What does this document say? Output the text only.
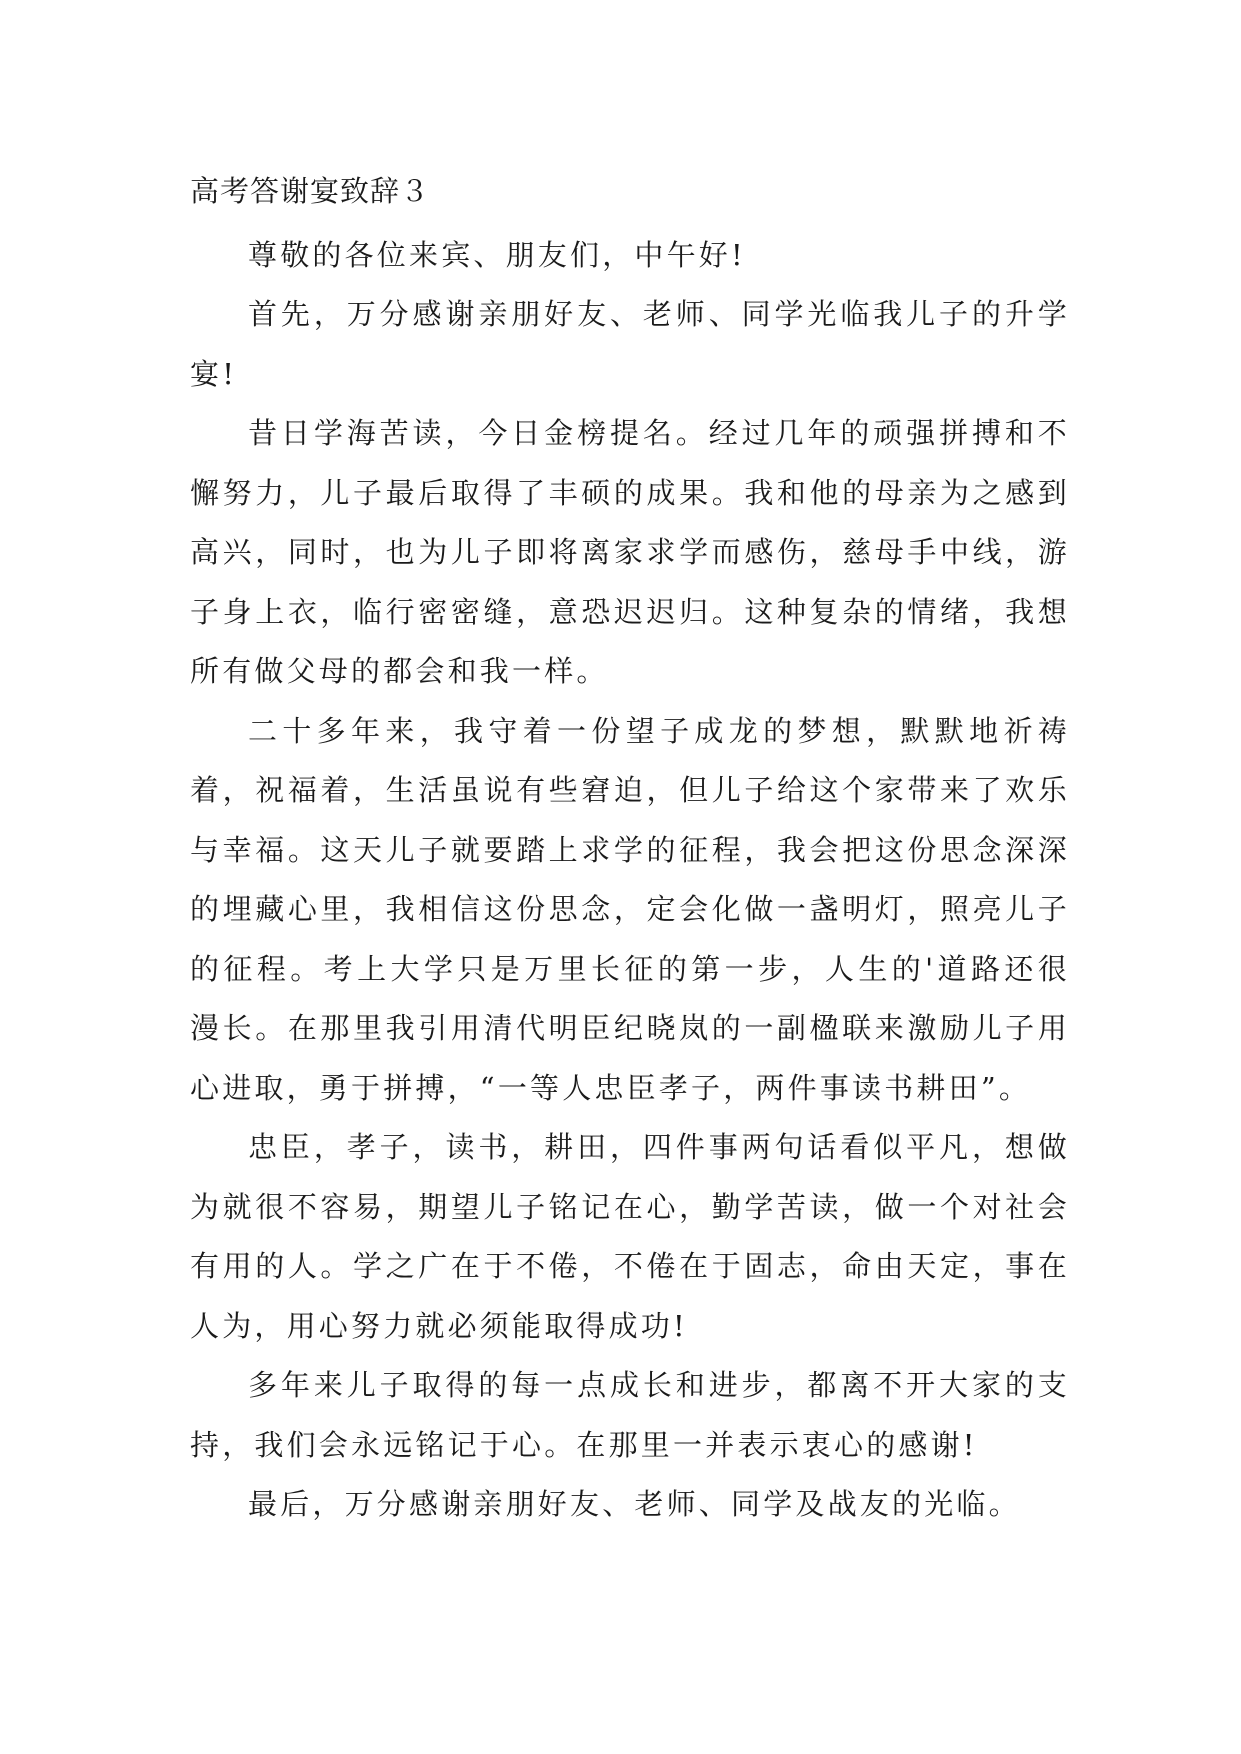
高考答谢宴致辞３

尊敬的各位来宾、朋友们，中午好!

首先，万分感谢亲朋好友、老师、同学光临我儿子的升学宴!

昔日学海苦读，今日金榜提名。经过几年的顽强拼搏和不懈努力，儿子最后取得了丰硕的成果。我和他的母亲为之感到高兴，同时，也为儿子即将离家求学而感伤，慈母手中线，游子身上衣，临行密密缝，意恐迟迟归。这种复杂的情绪，我想所有做父母的都会和我一样。

二十多年来，我守着一份望子成龙的梦想，默默地祈祷着，祝福着，生活虽说有些窘迫，但儿子给这个家带来了欢乐与幸福。这天儿子就要踏上求学的征程，我会把这份思念深深的埋藏心里，我相信这份思念，定会化做一盏明灯，照亮儿子的征程。考上大学只是万里长征的第一步，人生的'道路还很漫长。在那里我引用清代明臣纪晓岚的一副楹联来激励儿子用心进取，勇于拼搏，“一等人忠臣孝子，两件事读书耕田”。

忠臣，孝子，读书，耕田，四件事两句话看似平凡，想做为就很不容易，期望儿子铭记在心，勤学苦读，做一个对社会有用的人。学之广在于不倦，不倦在于固志，命由天定，事在人为，用心努力就必须能取得成功!

多年来儿子取得的每一点成长和进步，都离不开大家的支持，我们会永远铭记于心。在那里一并表示衷心的感谢!

最后，万分感谢亲朋好友、老师、同学及战友的光临。
